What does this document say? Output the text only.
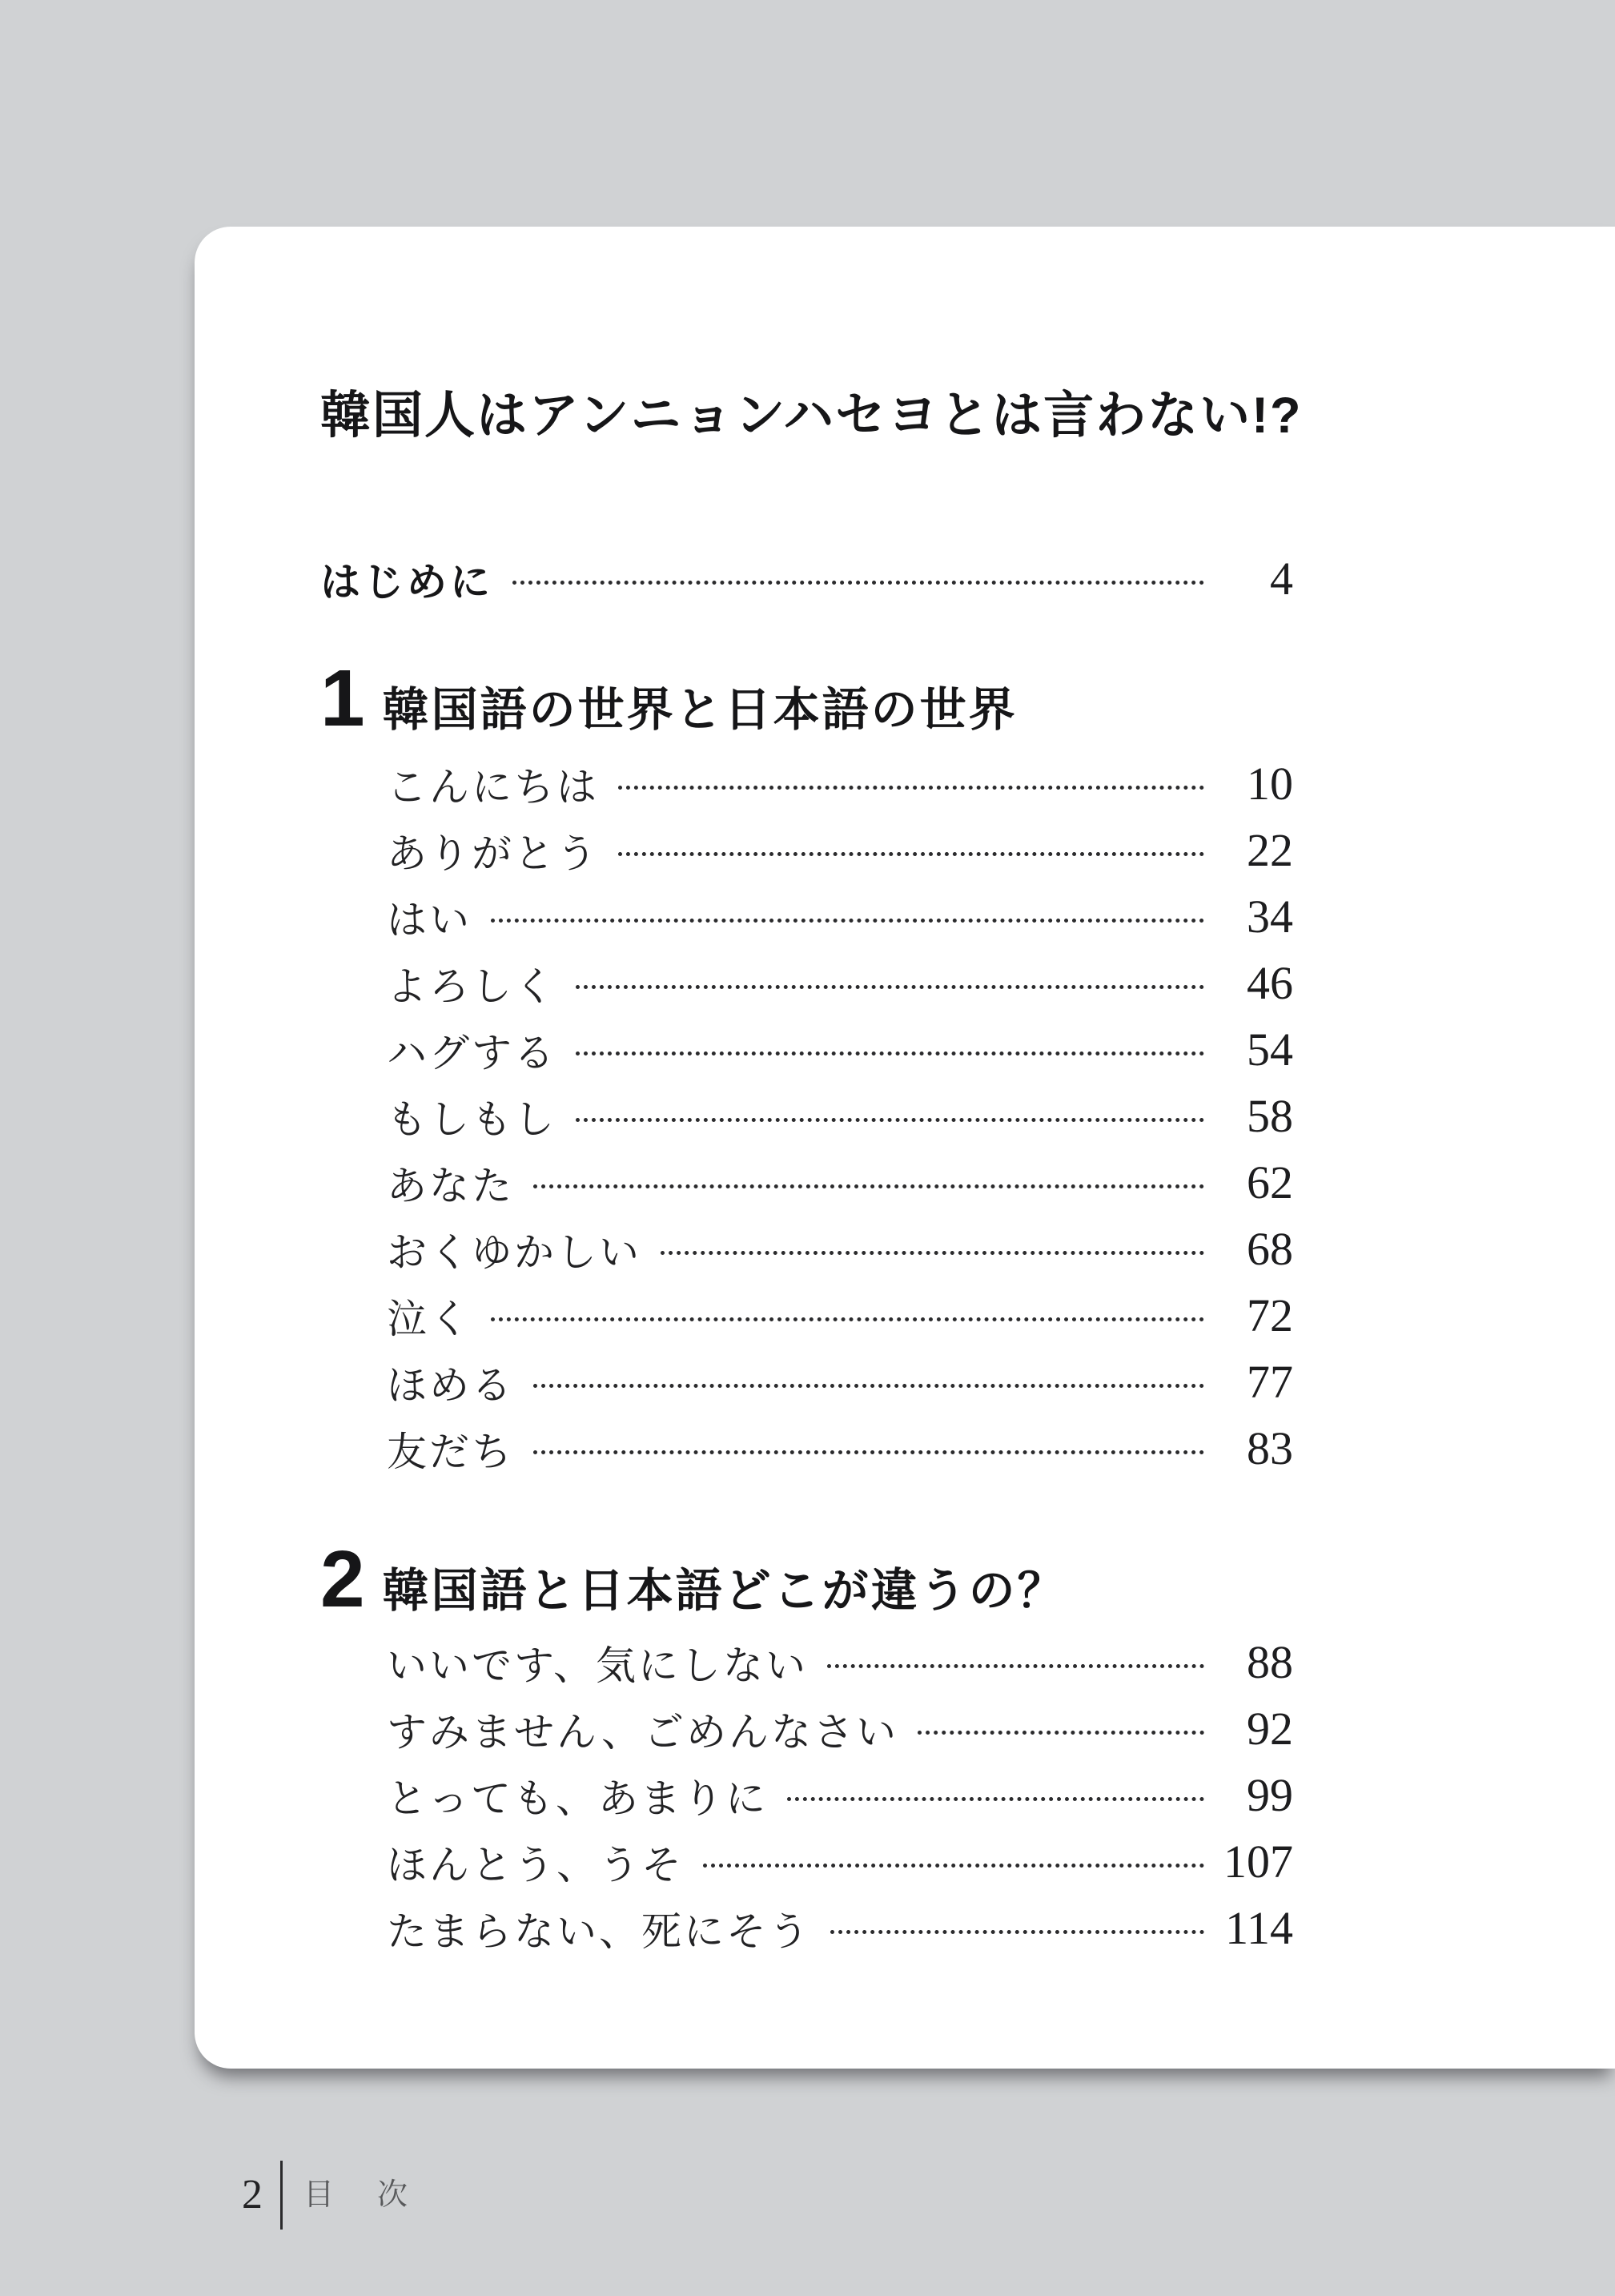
韓国人はアンニョンハセヨとは言わない!?
はじめに	4
1 韓国語の世界と日本語の世界
こんにちは	10
ありがとう	22
はい	34
よろしく	46
ハグする	54
もしもし	58
あなた	62
おくゆかしい	68
泣く	72
ほめる	77
友だち	83
2 韓国語と日本語どこが違うの？
いいです、気にしない	88
すみません、ごめんなさい	92
とっても、あまりに	99
ほんとう、うそ	107
たまらない、死にそう	114
2 目　次
